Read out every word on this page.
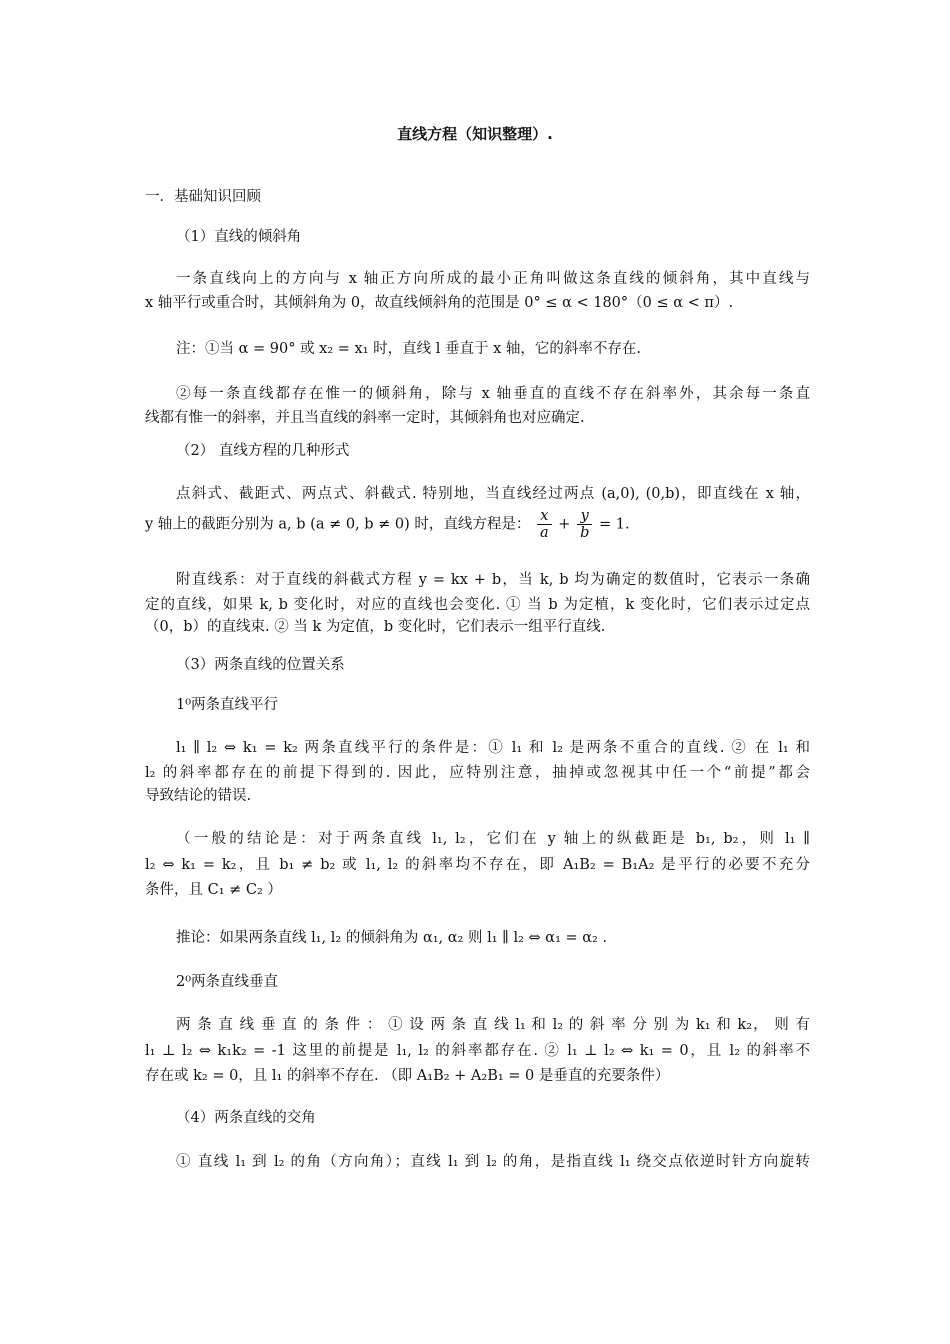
直线方程（知识整理）.
一．基础知识回顾
（1）直线的倾斜角
一条直线向上的方向与 x 轴正方向所成的最小正角叫做这条直线的倾斜角，其中直线与
x 轴平行或重合时，其倾斜角为 0，故直线倾斜角的范围是 0° ≤ α < 180°（0 ≤ α < π）.
注：①当 α = 90° 或 x₂ = x₁ 时，直线 l 垂直于 x 轴，它的斜率不存在.
②每一条直线都存在惟一的倾斜角，除与 x 轴垂直的直线不存在斜率外，其余每一条直
线都有惟一的斜率，并且当直线的斜率一定时，其倾斜角也对应确定.
（2） 直线方程的几种形式
点斜式、截距式、两点式、斜截式. 特别地，当直线经过两点 (a,0), (0,b)，即直线在 x 轴，
y 轴上的截距分别为 a, b (a ≠ 0, b ≠ 0) 时，直线方程是： $\frac{x}{a} + \frac{y}{b} = 1$.
附直线系：对于直线的斜截式方程 y = kx + b，当 k, b 均为确定的数值时，它表示一条确
定的直线，如果 k, b 变化时，对应的直线也会变化. ① 当 b 为定植，k 变化时，它们表示过定点
（0，b）的直线束. ② 当 k 为定值，b 变化时，它们表示一组平行直线.
（3）两条直线的位置关系
1⁰两条直线平行
l₁ ∥ l₂ ⇔ k₁ = k₂ 两条直线平行的条件是：① l₁ 和 l₂ 是两条不重合的直线. ② 在 l₁ 和
l₂ 的斜率都存在的前提下得到的. 因此，应特别注意，抽掉或忽视其中任一个“前提”都会
导致结论的错误.
（一般的结论是：对于两条直线 l₁, l₂，它们在 y 轴上的纵截距是 b₁, b₂，则 l₁ ∥
l₂ ⇔ k₁ = k₂，且 b₁ ≠ b₂ 或 l₁, l₂ 的斜率均不存在，即 A₁B₂ = B₁A₂ 是平行的必要不充分
条件，且 C₁ ≠ C₂ ）
推论：如果两条直线 l₁, l₂ 的倾斜角为 α₁, α₂ 则 l₁ ∥ l₂ ⇔ α₁ = α₂ .
2⁰两条直线垂直
两 条 直 线 垂 直 的 条 件 ： ① 设 两 条 直 线 l₁ 和 l₂ 的 斜 率 分 别 为 k₁ 和 k₂， 则 有
l₁ ⊥ l₂ ⇔ k₁k₂ = -1 这里的前提是 l₁, l₂ 的斜率都存在. ② l₁ ⊥ l₂ ⇔ k₁ = 0，且 l₂ 的斜率不
存在或 k₂ = 0，且 l₁ 的斜率不存在. （即 A₁B₂ + A₂B₁ = 0 是垂直的充要条件）
（4）两条直线的交角
① 直线 l₁ 到 l₂ 的角（方向角）；直线 l₁ 到 l₂ 的角，是指直线 l₁ 绕交点依逆时针方向旋转
